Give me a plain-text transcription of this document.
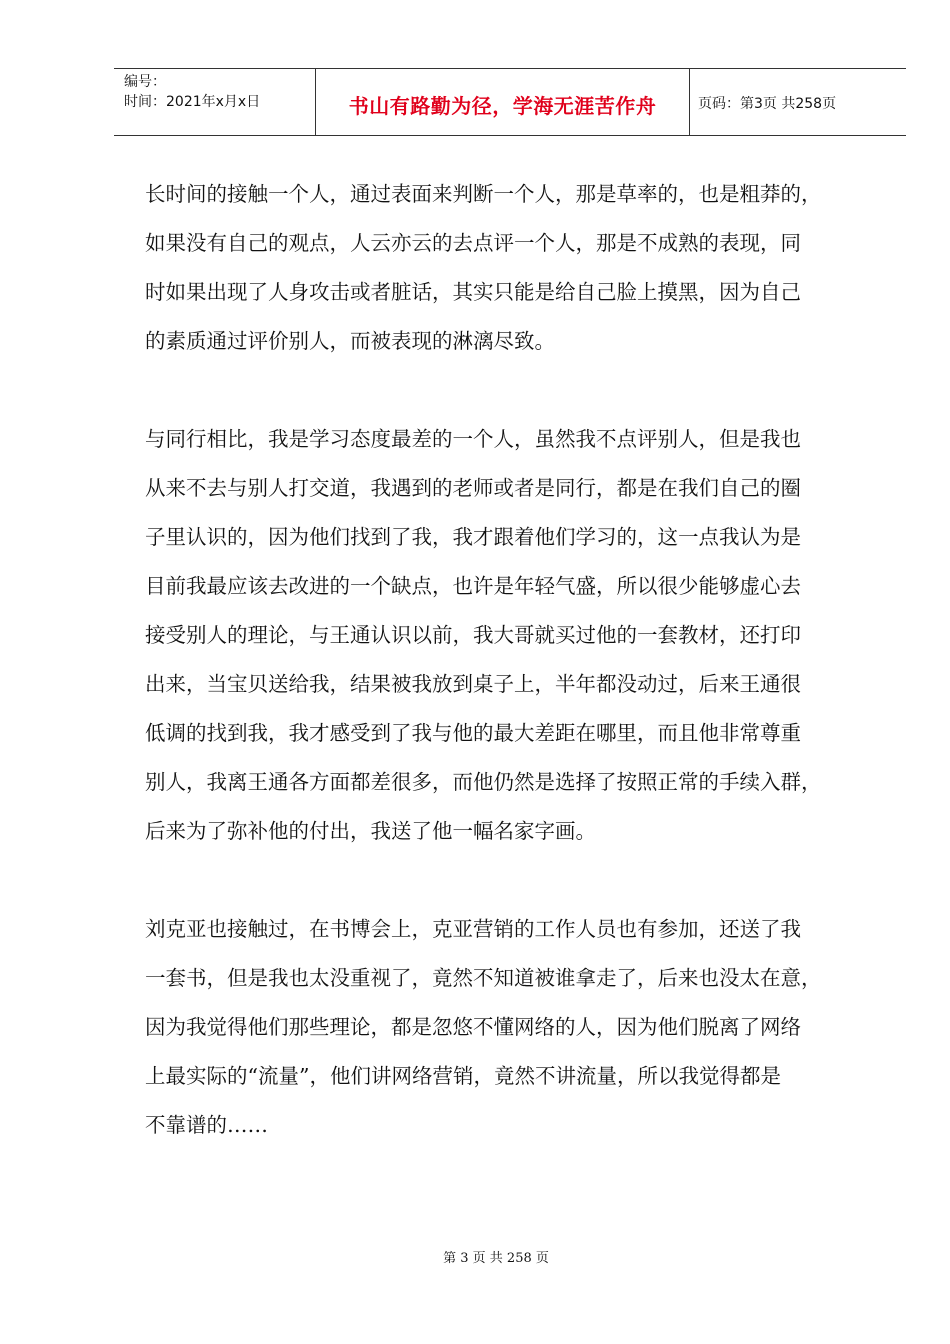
编号：
时间：2021年x月x日	书山有路勤为径，学海无涯苦作舟	页码：第3页 共258页

长时间的接触一个人，通过表面来判断一个人，那是草率的，也是粗莽的，
如果没有自己的观点，人云亦云的去点评一个人，那是不成熟的表现，同
时如果出现了人身攻击或者脏话，其实只能是给自己脸上摸黑，因为自己
的素质通过评价别人，而被表现的淋漓尽致。

与同行相比，我是学习态度最差的一个人，虽然我不点评别人，但是我也
从来不去与别人打交道，我遇到的老师或者是同行，都是在我们自己的圈
子里认识的，因为他们找到了我，我才跟着他们学习的，这一点我认为是
目前我最应该去改进的一个缺点，也许是年轻气盛，所以很少能够虚心去
接受别人的理论，与王通认识以前，我大哥就买过他的一套教材，还打印
出来，当宝贝送给我，结果被我放到桌子上，半年都没动过，后来王通很
低调的找到我，我才感受到了我与他的最大差距在哪里，而且他非常尊重
别人，我离王通各方面都差很多，而他仍然是选择了按照正常的手续入群，
后来为了弥补他的付出，我送了他一幅名家字画。

刘克亚也接触过，在书博会上，克亚营销的工作人员也有参加，还送了我
一套书，但是我也太没重视了，竟然不知道被谁拿走了，后来也没太在意，
因为我觉得他们那些理论，都是忽悠不懂网络的人，因为他们脱离了网络
上最实际的“流量”，他们讲网络营销，竟然不讲流量，所以我觉得都是
不靠谱的……

第 3 页 共 258 页
